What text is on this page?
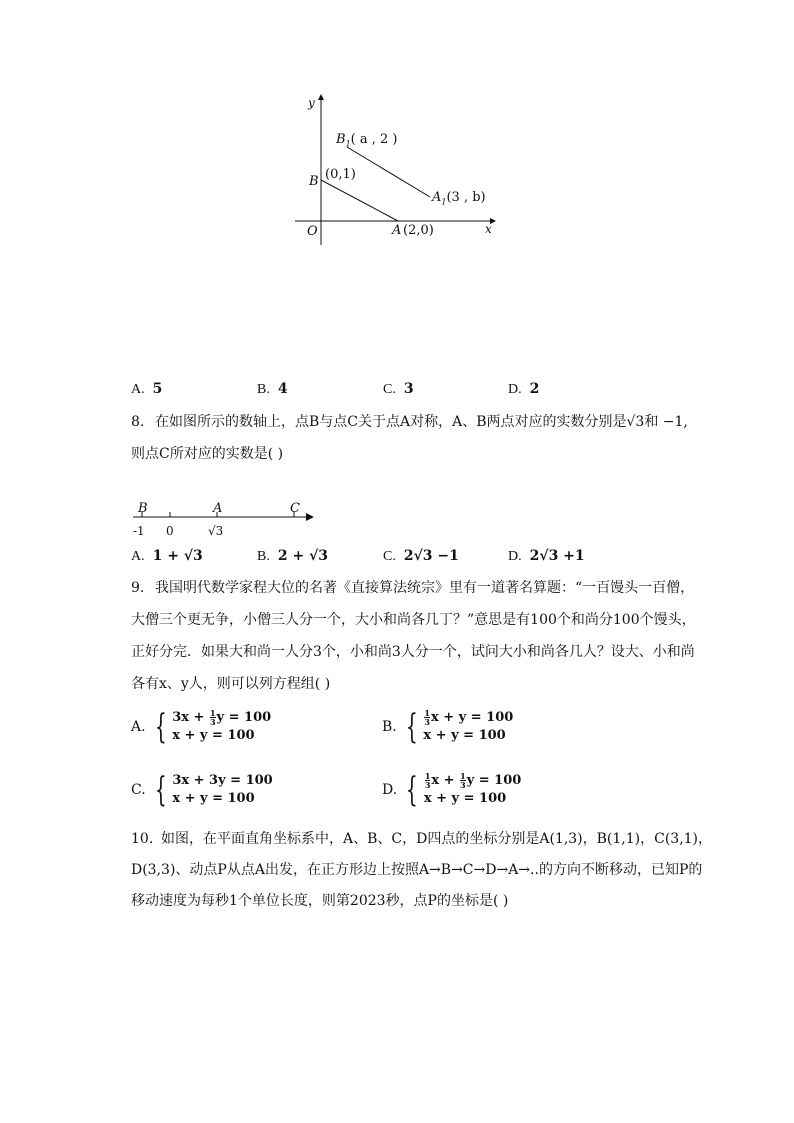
y
x
O
B (0,1)
A (2,0)
$B_1$( a , 2 )
$A_1(3$ , b)
A. 5	B. 4	C. 3	D. 2
8. 在如图所示的数轴上，点B与点C关于点A对称，A、B两点对应的实数分别是√3和 −1,
则点C所对应的实数是( )
B	A	C
-1 0	√3
A. 1 + √3	B. 2 + √3	C. 2√3 −1	D. 2√3 +1
9. 我国明代数学家程大位的名著《直接算法统宗》里有一道著名算题：“一百馒头一百僧，
大僧三个更无争，小僧三人分一个，大小和尚各几丁？”意思是有100个和尚分100个馒头，
正好分完．如果大和尚一人分3个，小和尚3人分一个，试问大小和尚各几人？设大、小和尚
各有x、y人，则可以列方程组( )
A. { $3x + \frac{1}{3}$ y = 100
x + y = 100
B. { $\frac{1}{3}$ x + y = 100
x + y = 100
C. { 3x + 3y = 100
x + y = 100
D. { $\frac{1}{3}$ $x + \frac{1}{3}$ y = 100
x + y = 100
10. 如图，在平面直角坐标系中，A、B、C，D四点的坐标分别是A(1,3)，B(1,1)，C(3,1)，
D(3,3)、动点P从点A出发，在正方形边上按照A→B→C→D→A→..的方向不断移动，已知P的
移动速度为每秒1个单位长度，则第2023秒，点P的坐标是( )
